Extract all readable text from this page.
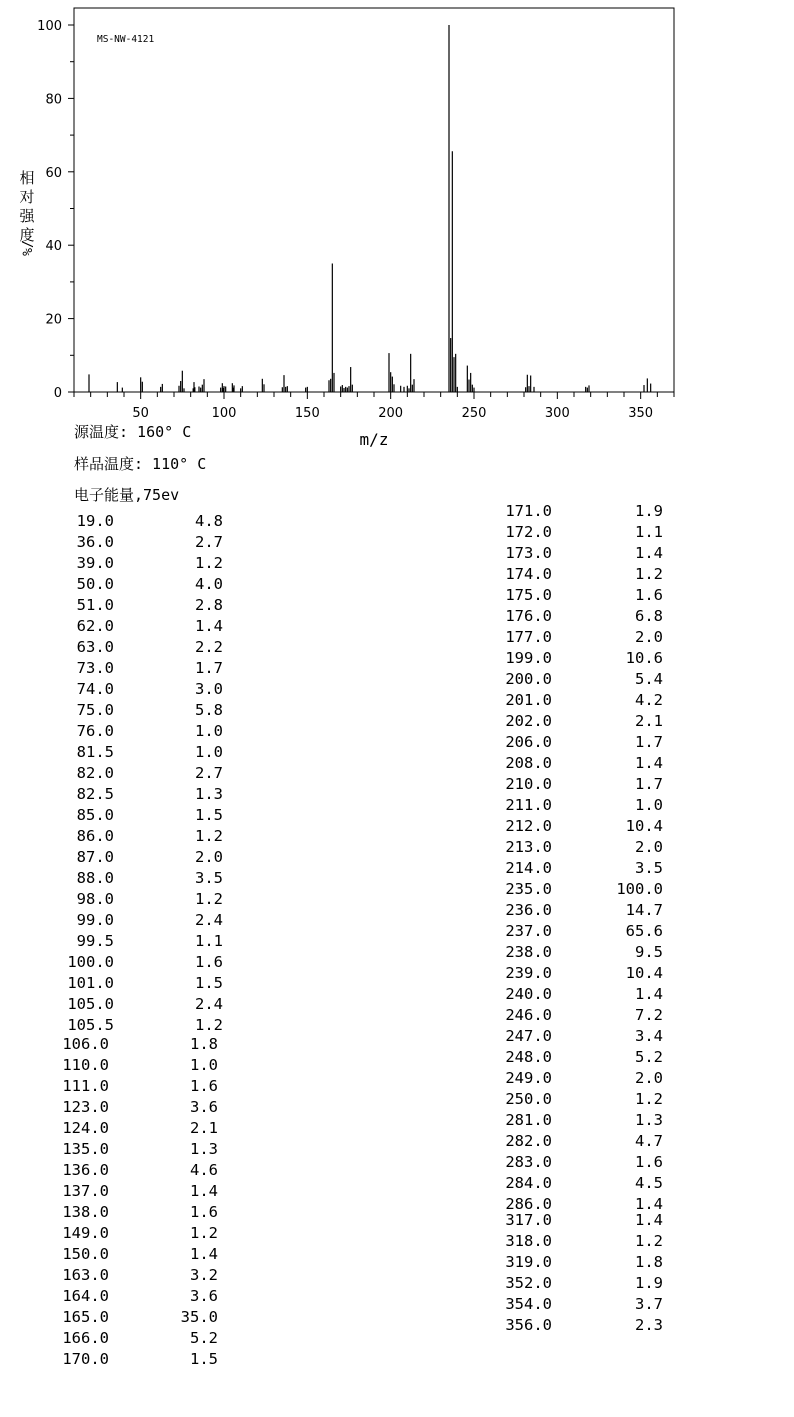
0
20
40
60
80
100
50	100	150	200	250	300	350
MS-NW-4121
m/z
相
对
强
度
%/
源温度: 160° C
样品温度: 110° C
电子能量,75ev
19.0	4.8
36.0	2.7
39.0	1.2
50.0	4.0
51.0	2.8
62.0	1.4
63.0	2.2
73.0	1.7
74.0	3.0
75.0	5.8
76.0	1.0
81.5	1.0
82.0	2.7
82.5	1.3
85.0	1.5
86.0	1.2
87.0	2.0
88.0	3.5
98.0	1.2
99.0	2.4
99.5	1.1
100.0	1.6
101.0	1.5
105.0	2.4
105.5	1.2
106.0	1.8
110.0	1.0
111.0	1.6
123.0	3.6
124.0	2.1
135.0	1.3
136.0	4.6
137.0	1.4
138.0	1.6
149.0	1.2
150.0	1.4
163.0	3.2
164.0	3.6
165.0	35.0
166.0	5.2
170.0	1.5
171.0	1.9
172.0	1.1
173.0	1.4
174.0	1.2
175.0	1.6
176.0	6.8
177.0	2.0
199.0	10.6
200.0	5.4
201.0	4.2
202.0	2.1
206.0	1.7
208.0	1.4
210.0	1.7
211.0	1.0
212.0	10.4
213.0	2.0
214.0	3.5
235.0	100.0
236.0	14.7
237.0	65.6
238.0	9.5
239.0	10.4
240.0	1.4
246.0	7.2
247.0	3.4
248.0	5.2
249.0	2.0
250.0	1.2
281.0	1.3
282.0	4.7
283.0	1.6
284.0	4.5
286.0	1.4
317.0	1.4
318.0	1.2
319.0	1.8
352.0	1.9
354.0	3.7
356.0	2.3
